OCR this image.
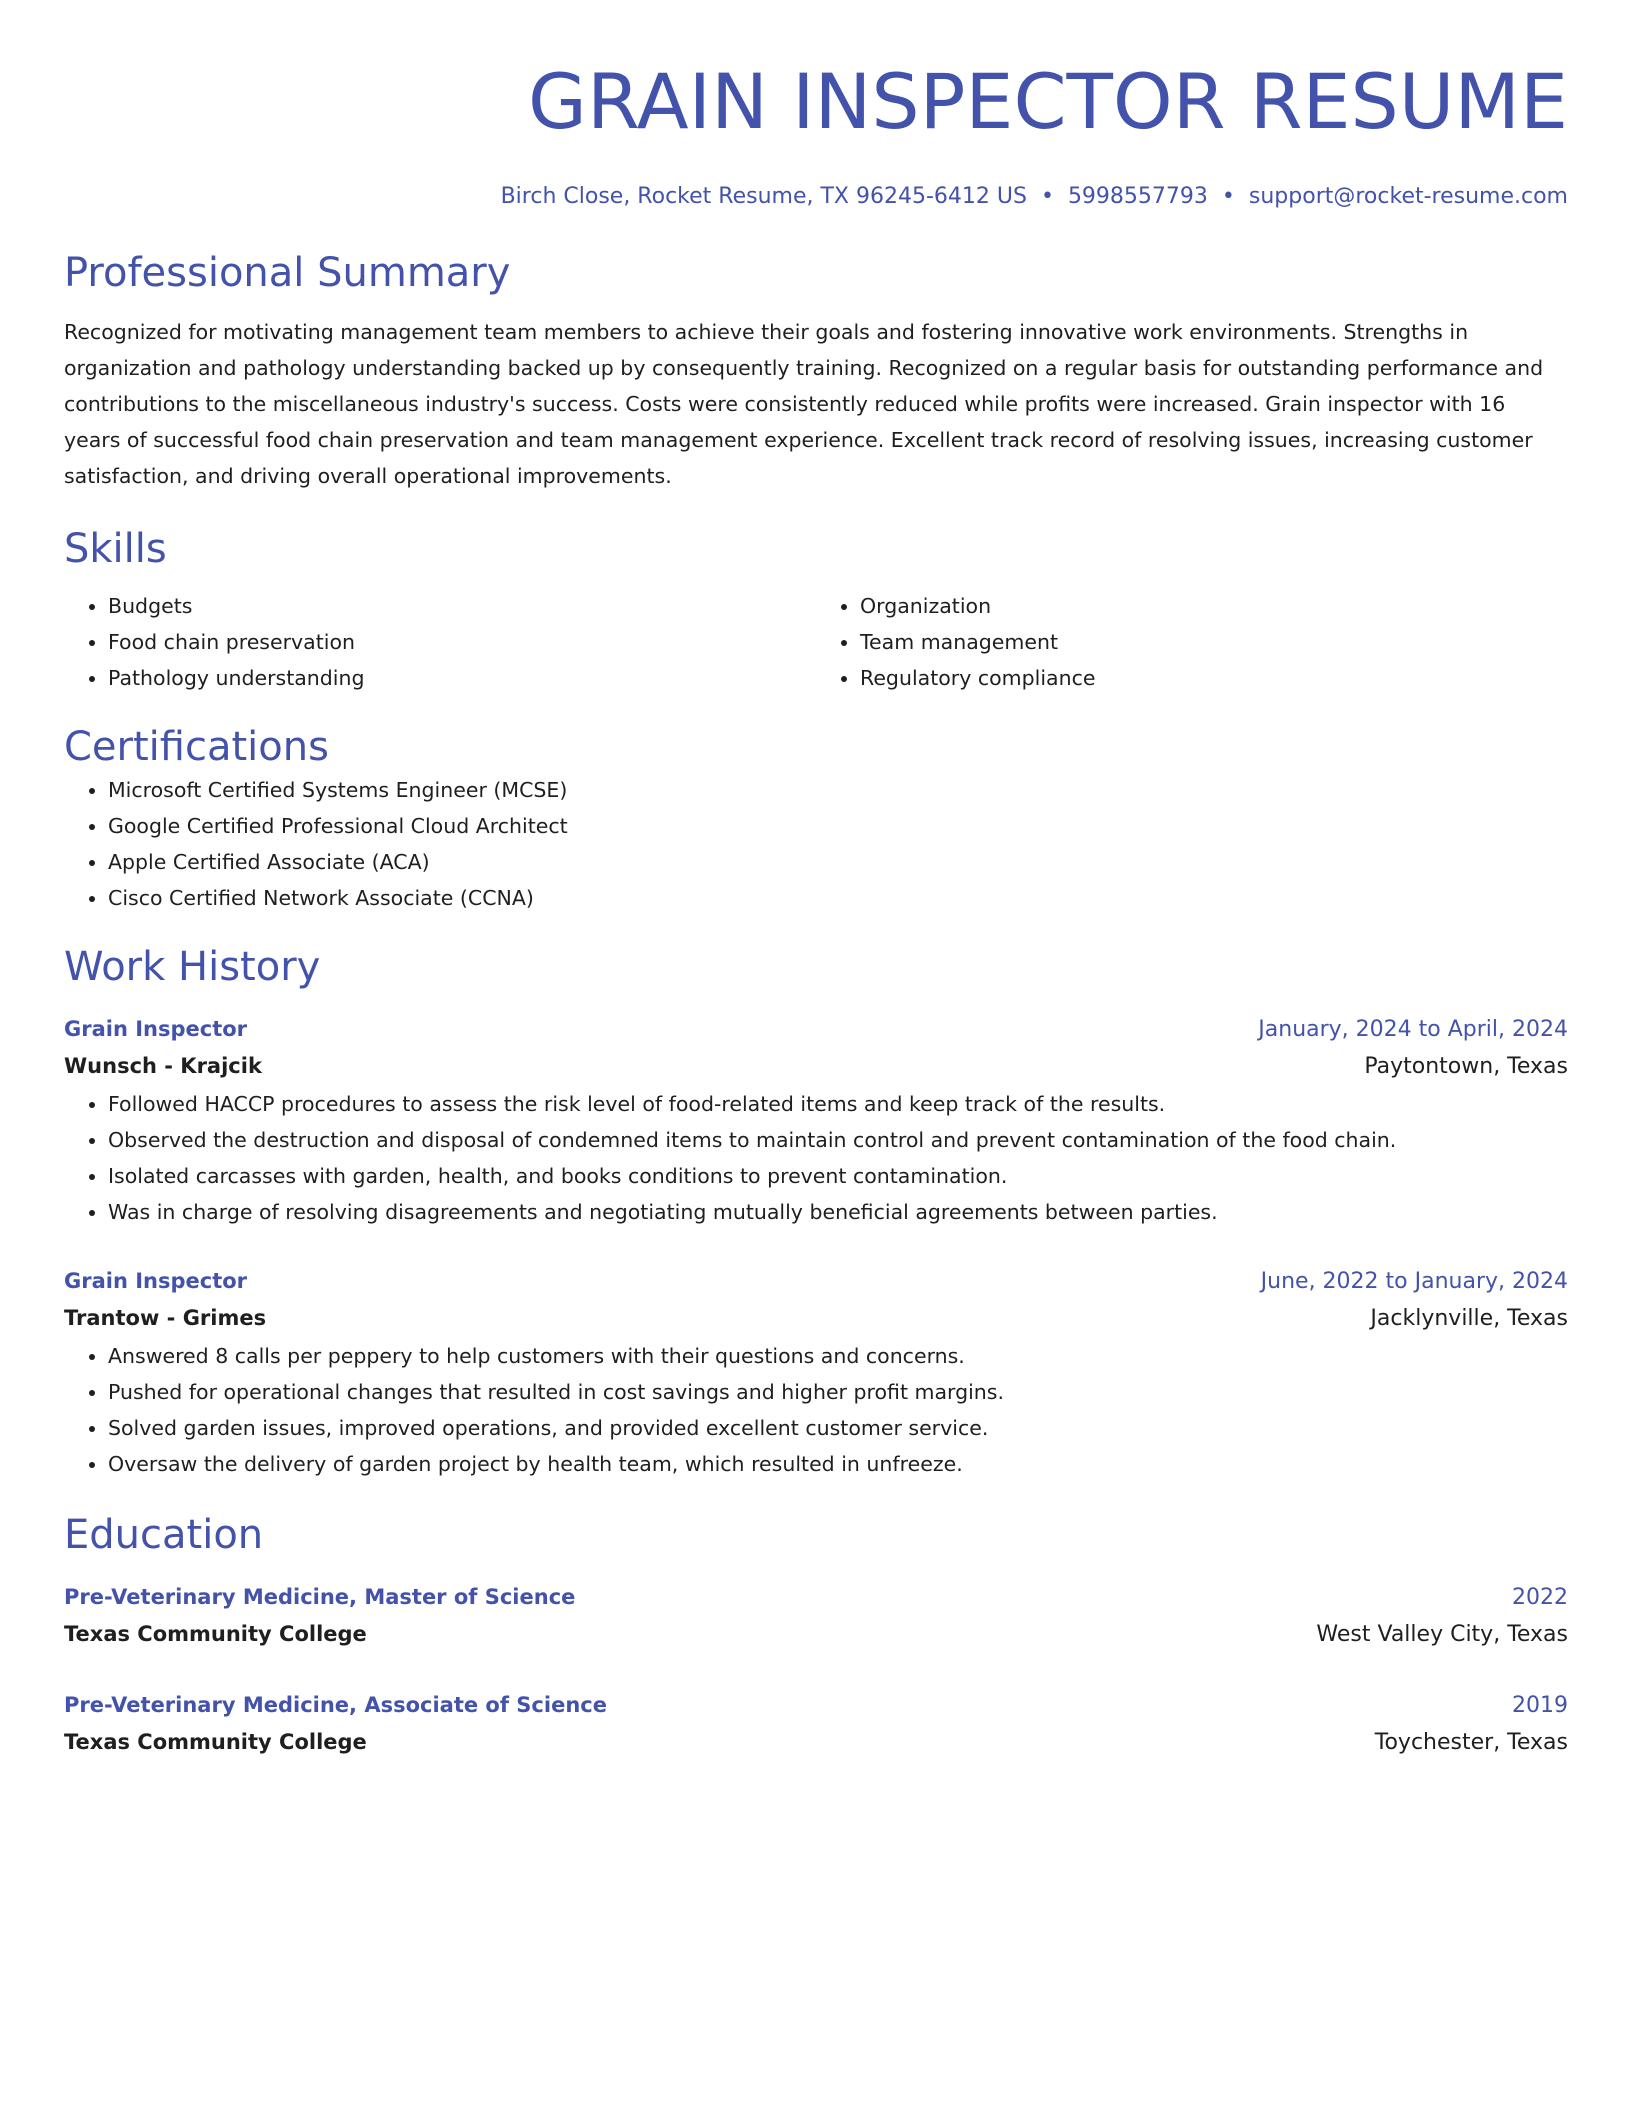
GRAIN INSPECTOR RESUME
Birch Close, Rocket Resume, TX 96245-6412 US • 5998557793 • support@rocket-resume.com
Professional Summary
Recognized for motivating management team members to achieve their goals and fostering innovative work environments. Strengths in organization and pathology understanding backed up by consequently training. Recognized on a regular basis for outstanding performance and contributions to the miscellaneous industry's success. Costs were consistently reduced while profits were increased. Grain inspector with 16 years of successful food chain preservation and team management experience. Excellent track record of resolving issues, increasing customer satisfaction, and driving overall operational improvements.
Skills
• Budgets
• Food chain preservation
• Pathology understanding
• Organization
• Team management
• Regulatory compliance
Certifications
• Microsoft Certified Systems Engineer (MCSE)
• Google Certified Professional Cloud Architect
• Apple Certified Associate (ACA)
• Cisco Certified Network Associate (CCNA)
Work History
Grain Inspector	January, 2024 to April, 2024
Wunsch - Krajcik	Paytontown, Texas
• Followed HACCP procedures to assess the risk level of food-related items and keep track of the results.
• Observed the destruction and disposal of condemned items to maintain control and prevent contamination of the food chain.
• Isolated carcasses with garden, health, and books conditions to prevent contamination.
• Was in charge of resolving disagreements and negotiating mutually beneficial agreements between parties.
Grain Inspector	June, 2022 to January, 2024
Trantow - Grimes	Jacklynville, Texas
• Answered 8 calls per peppery to help customers with their questions and concerns.
• Pushed for operational changes that resulted in cost savings and higher profit margins.
• Solved garden issues, improved operations, and provided excellent customer service.
• Oversaw the delivery of garden project by health team, which resulted in unfreeze.
Education
Pre-Veterinary Medicine, Master of Science	2022
Texas Community College	West Valley City, Texas
Pre-Veterinary Medicine, Associate of Science	2019
Texas Community College	Toychester, Texas
